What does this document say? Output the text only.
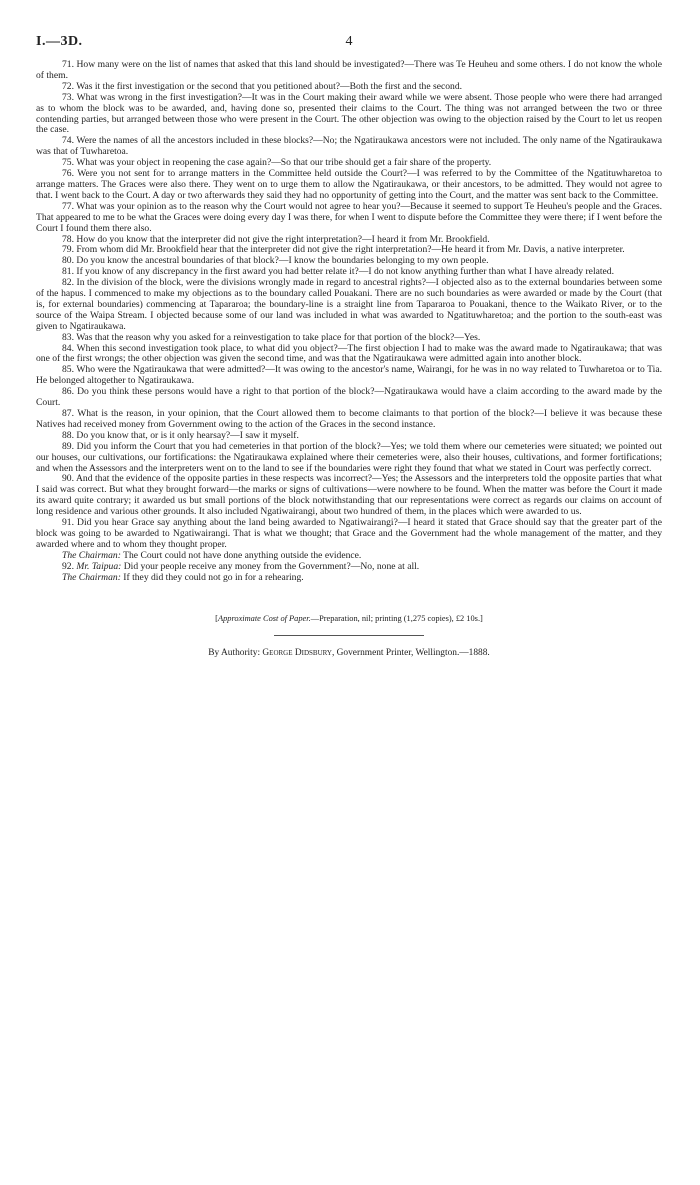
I.—3D.	4

71. How many were on the list of names that asked that this land should be investigated?—There was Te Heuheu and some others. I do not know the whole of them.

72. Was it the first investigation or the second that you petitioned about?—Both the first and the second.

73. What was wrong in the first investigation?—It was in the Court making their award while we were absent. Those people who were there had arranged as to whom the block was to be awarded, and, having done so, presented their claims to the Court. The thing was not arranged between the two or three contending parties, but arranged between those who were present in the Court. The other objection was owing to the objection raised by the Court to let us reopen the case.

74. Were the names of all the ancestors included in these blocks?—No; the Ngatiraukawa ancestors were not included. The only name of the Ngatiraukawa was that of Tuwharetoa.

75. What was your object in reopening the case again?—So that our tribe should get a fair share of the property.

76. Were you not sent for to arrange matters in the Committee held outside the Court?—I was referred to by the Committee of the Ngatituwharetoa to arrange matters. The Graces were also there. They went on to urge them to allow the Ngatiraukawa, or their ancestors, to be admitted. They would not agree to that. I went back to the Court. A day or two afterwards they said they had no opportunity of getting into the Court, and the matter was sent back to the Committee.

77. What was your opinion as to the reason why the Court would not agree to hear you?—Because it seemed to support Te Heuheu's people and the Graces. That appeared to me to be what the Graces were doing every day I was there, for when I went to dispute before the Committee they were there; if I went before the Court I found them there also.

78. How do you know that the interpreter did not give the right interpretation?—I heard it from Mr. Brookfield.

79. From whom did Mr. Brookfield hear that the interpreter did not give the right interpretation?—He heard it from Mr. Davis, a native interpreter.

80. Do you know the ancestral boundaries of that block?—I know the boundaries belonging to my own people.

81. If you know of any discrepancy in the first award you had better relate it?—I do not know anything further than what I have already related.

82. In the division of the block, were the divisions wrongly made in regard to ancestral rights?—I objected also as to the external boundaries between some of the hapus. I commenced to make my objections as to the boundary called Pouakani. There are no such boundaries as were awarded or made by the Court (that is, for external boundaries) commencing at Tapararoa; the boundary-line is a straight line from Tapararoa to Pouakani, thence to the Waikato River, or to the source of the Waipa Stream. I objected because some of our land was included in what was awarded to Ngatituwharetoa; and the portion to the south-east was given to Ngatiraukawa.

83. Was that the reason why you asked for a reinvestigation to take place for that portion of the block?—Yes.

84. When this second investigation took place, to what did you object?—The first objection I had to make was the award made to Ngatiraukawa; that was one of the first wrongs; the other objection was given the second time, and was that the Ngatiraukawa were admitted again into another block.

85. Who were the Ngatiraukawa that were admitted?—It was owing to the ancestor's name, Wairangi, for he was in no way related to Tuwharetoa or to Tia. He belonged altogether to Ngatiraukawa.

86. Do you think these persons would have a right to that portion of the block?—Ngatiraukawa would have a claim according to the award made by the Court.

87. What is the reason, in your opinion, that the Court allowed them to become claimants to that portion of the block?—I believe it was because these Natives had received money from Government owing to the action of the Graces in the second instance.

88. Do you know that, or is it only hearsay?—I saw it myself.

89. Did you inform the Court that you had cemeteries in that portion of the block?—Yes; we told them where our cemeteries were situated; we pointed out our houses, our cultivations, our fortifications: the Ngatiraukawa explained where their cemeteries were, also their houses, cultivations, and former fortifications; and when the Assessors and the interpreters went on to the land to see if the boundaries were right they found that what we stated in Court was perfectly correct.

90. And that the evidence of the opposite parties in these respects was incorrect?—Yes; the Assessors and the interpreters told the opposite parties that what I said was correct. But what they brought forward—the marks or signs of cultivations—were nowhere to be found. When the matter was before the Court it made its award quite contrary; it awarded us but small portions of the block notwithstanding that our representations were correct as regards our claims on account of long residence and various other grounds. It also included Ngatiwairangi, about two hundred of them, in the places which were awarded to us.

91. Did you hear Grace say anything about the land being awarded to Ngatiwairangi?—I heard it stated that Grace should say that the greater part of the block was going to be awarded to Ngatiwairangi. That is what we thought; that Grace and the Government had the whole management of the matter, and they awarded where and to whom they thought proper.

The Chairman: The Court could not have done anything outside the evidence.

92. Mr. Taipua: Did your people receive any money from the Government?—No, none at all.

The Chairman: If they did they could not go in for a rehearing.

[Approximate Cost of Paper.—Preparation, nil; printing (1,275 copies), £2 10s.]
By Authority: George Didsbury, Government Printer, Wellington.—1888.
